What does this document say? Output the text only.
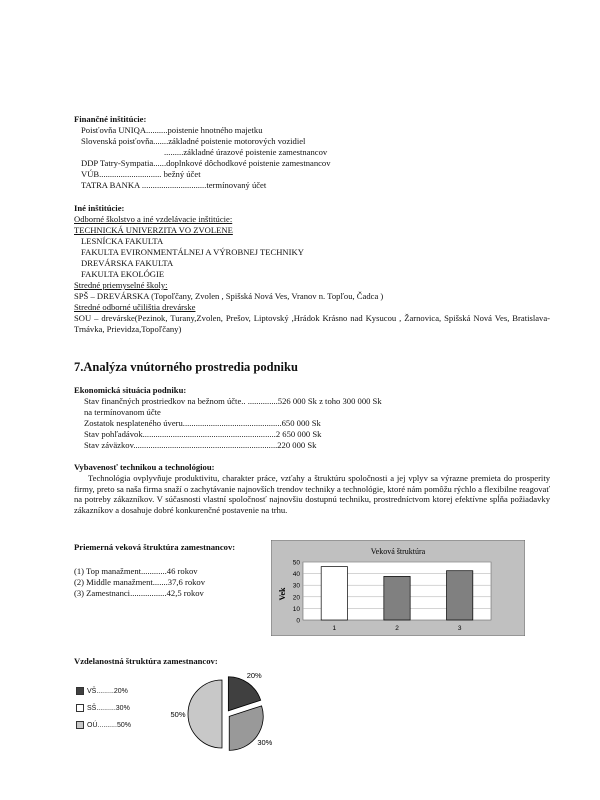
Finančné inštitúcie:
Poisťovňa UNIQA..........poistenie hnotného majetku
Slovenská poisťovňa.......základné poistenie motorových vozidiel
.........základné úrazové poistenie zamestnancov
DDP Tatry-Sympatia......doplnkové dôchodkové poistenie zamestnancov
VÚB............................. bežný účet
TATRA BANKA ..............................termínovaný účet
Iné inštitúcie:
Odborné školstvo a iné vzdelávacie inštitúcie:
TECHNICKÁ UNIVERZITA VO ZVOLENE
LESNÍCKA FAKULTA
FAKULTA EVIRONMENTÁLNEJ A VÝROBNEJ TECHNIKY
DREVÁRSKA FAKULTA
FAKULTA EKOLÓGIE
Stredné priemyselné školy:
SPŠ – DREVÁRSKA (Topoľčany, Zvolen , Spišská Nová Ves, Vranov n. Topľou, Čadca )
Stredné odborné učilištia drevárske
SOU – drevárske(Pezinok, Turany,Zvolen, Prešov, Liptovský ,Hrádok Krásno nad Kysucou , Žarnovica, Spišská Nová Ves, Bratislava- Trnávka, Prievidza,Topoľčany)
7.Analýza vnútorného prostredia podniku
Ekonomická situácia podniku:
Stav finančných prostriedkov na bežnom účte.. ..............526 000 Sk z toho 300 000 Sk
na termínovanom účte
Zostatok nesplateného úveru..............................................650 000 Sk
Stav pohľadávok..............................................................2 650 000 Sk
Stav záväzkov...................................................................220 000 Sk
Vybavenosť technikou a technológiou:
Technológia ovplyvňuje produktivitu, charakter práce, vzťahy a štruktúru spoločnosti a jej vplyv sa výrazne premieta do prosperity firmy, preto sa naša firma snaží o zachytávanie najnovších trendov techniky a technológie, ktoré nám pomôžu rýchlo a flexibilne reagovať na potreby zákazníkov. V súčasnosti vlastní spoločnosť najnovšiu dostupnú techniku, prostredníctvom ktorej efektívne spĺňa požiadavky zákazníkov a dosahuje dobré konkurenčné postavenie na trhu.
Priemerná veková štruktúra zamestnancov:
(1) Top manažment............46 rokov
(2) Middle manažment.......37,6 rokov
(3) Zamestnanci.................42,5 rokov
Veková štruktúra
Vek
0
10
20
30
40
50
1	2	3
Vzdelanostná štruktúra zamestnancov:
VŠ.........20%
SŠ..........30%
OÚ..........50%
20%
30%
50%
